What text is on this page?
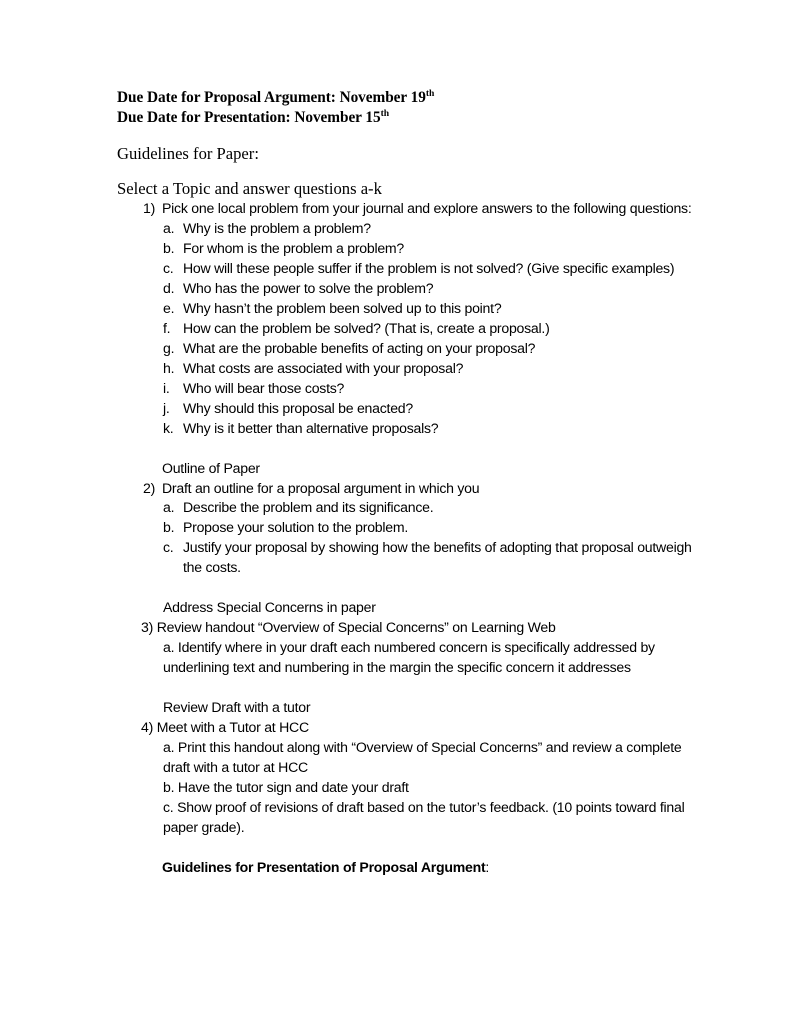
Due Date for Proposal Argument: November 19th
Due Date for Presentation: November 15th
Guidelines for Paper:
Select a Topic and answer questions a-k
1) Pick one local problem from your journal and explore answers to the following questions:
a. Why is the problem a problem?
b. For whom is the problem a problem?
c. How will these people suffer if the problem is not solved? (Give specific examples)
d. Who has the power to solve the problem?
e. Why hasn’t the problem been solved up to this point?
f. How can the problem be solved? (That is, create a proposal.)
g. What are the probable benefits of acting on your proposal?
h. What costs are associated with your proposal?
i. Who will bear those costs?
j. Why should this proposal be enacted?
k. Why is it better than alternative proposals?
Outline of Paper
2) Draft an outline for a proposal argument in which you
a. Describe the problem and its significance.
b. Propose your solution to the problem.
c. Justify your proposal by showing how the benefits of adopting that proposal outweigh the costs.
Address Special Concerns in paper
3) Review handout “Overview of Special Concerns” on Learning Web
a. Identify where in your draft each numbered concern is specifically addressed by underlining text and numbering in the margin the specific concern it addresses
Review Draft with a tutor
4) Meet with a Tutor at HCC
a. Print this handout along with “Overview of Special Concerns” and review a complete draft with a tutor at HCC
b. Have the tutor sign and date your draft
c. Show proof of revisions of draft based on the tutor’s feedback. (10 points toward final paper grade).
Guidelines for Presentation of Proposal Argument:
